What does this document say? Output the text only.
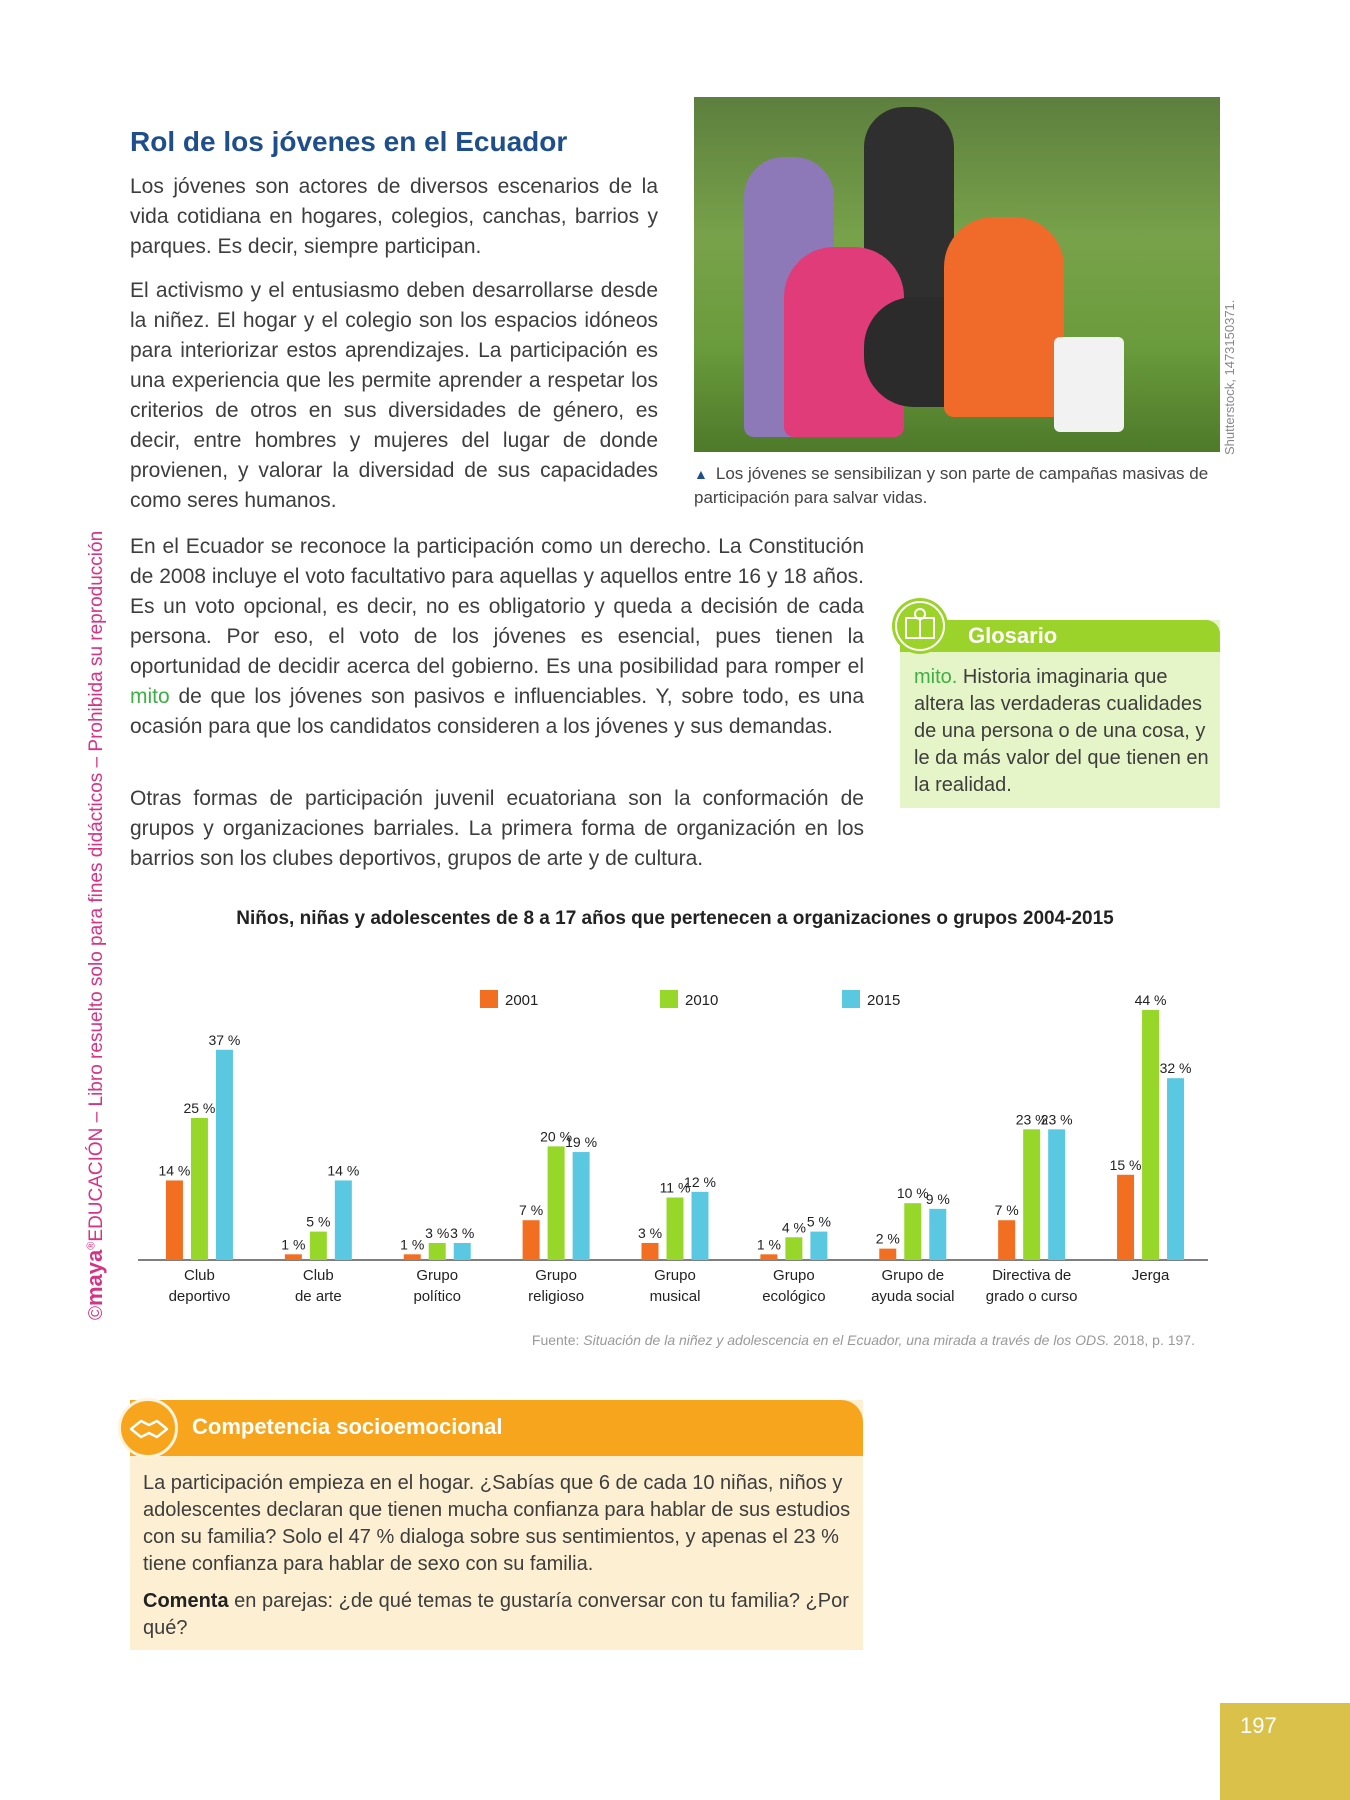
©maya®EDUCACIÓN – Libro resuelto solo para fines didácticos – Prohibida su reproducción
Rol de los jóvenes en el Ecuador

Los jóvenes son actores de diversos escenarios de la vida cotidiana en hogares, colegios, canchas, barrios y parques. Es decir, siempre participan.

El activismo y el entusiasmo deben desarrollarse desde la niñez. El hogar y el colegio son los espacios idóneos para interiorizar estos aprendizajes. La participación es una experiencia que les permite aprender a respetar los criterios de otros en sus diversidades de género, es decir, entre hombres y mujeres del lugar de donde provienen, y valorar la diversidad de sus capacidades como seres humanos.

Shutterstock, 1473150371.

▲ Los jóvenes se sensibilizan y son parte de campañas masivas de participación para salvar vidas.

En el Ecuador se reconoce la participación como un derecho. La Constitución de 2008 incluye el voto facultativo para aquellas y aquellos entre 16 y 18 años. Es un voto opcional, es decir, no es obligatorio y queda a decisión de cada persona. Por eso, el voto de los jóvenes es esencial, pues tienen la oportunidad de decidir acerca del gobierno. Es una posibilidad para romper el mito de que los jóvenes son pasivos e influenciables. Y, sobre todo, es una ocasión para que los candidatos consideren a los jóvenes y sus demandas.

Otras formas de participación juvenil ecuatoriana son la conformación de grupos y organizaciones barriales. La primera forma de organización en los barrios son los clubes deportivos, grupos de arte y de cultura.

Glosario

mito. Historia imaginaria que altera las verdaderas cualidades de una persona o de una cosa, y le da más valor del que tienen en la realidad.

Niños, niñas y adolescentes de 8 a 17 años que pertenecen a organizaciones o grupos 2004-2015

2001	2010	2015
14 %
25 %
37 %
Club
deportivo
1 %
5 %
14 %
Club
de arte
1 %
3 % 3 %
Grupo
político
7 %
20 %
19 %
Grupo
religioso
3 %
11 %
12 %
Grupo
musical
1 %
4 % 5 %
Grupo
ecológico
2 %
10 %
9 %
Grupo de
ayuda social
7 %
23 %
23 %
Directiva de
grado o curso
15 %
44 %
32 %
Jerga

Fuente: Situación de la niñez y adolescencia en el Ecuador, una mirada a través de los ODS. 2018, p. 197.

Competencia socioemocional

La participación empieza en el hogar. ¿Sabías que 6 de cada 10 niñas, niños y adolescentes declaran que tienen mucha confianza para hablar de sus estudios con su familia? Solo el 47 % dialoga sobre sus sentimientos, y apenas el 23 % tiene confianza para hablar de sexo con su familia.

Comenta en parejas: ¿de qué temas te gustaría conversar con tu familia? ¿Por qué?

197
